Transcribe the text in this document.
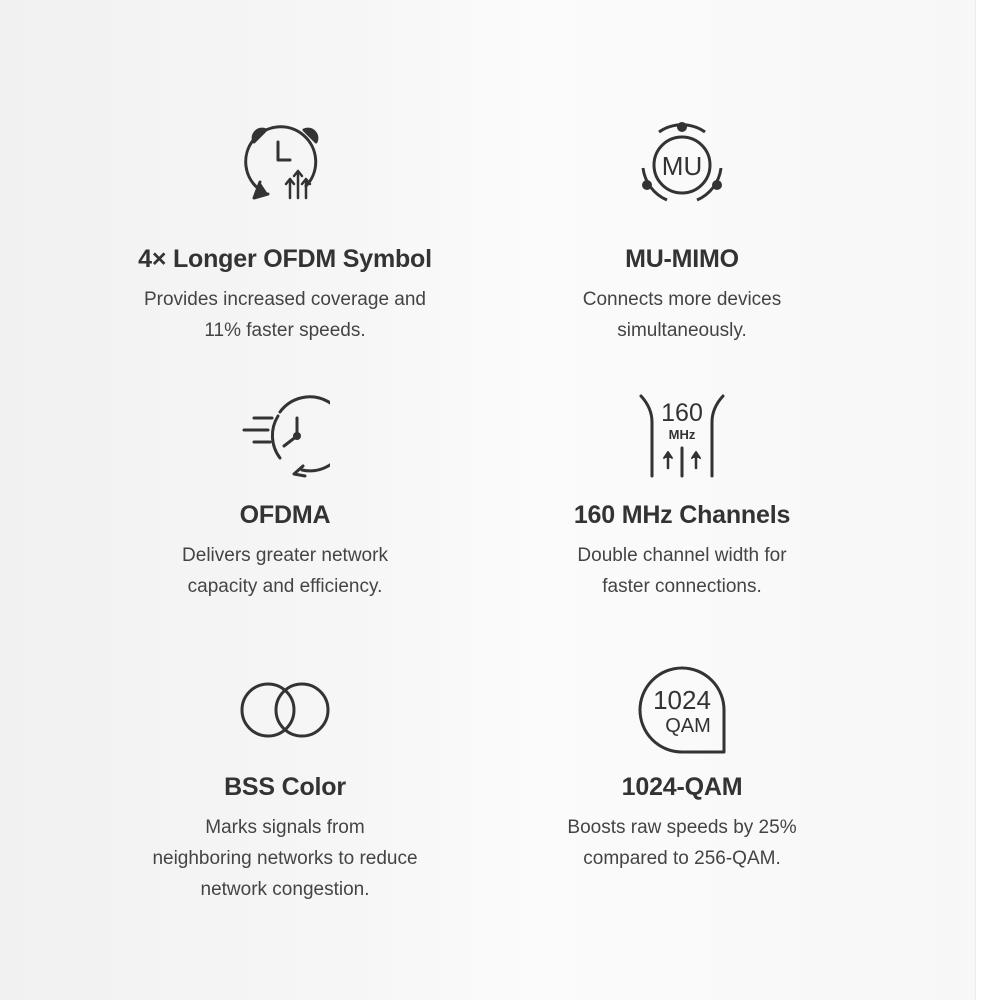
4× Longer OFDM Symbol

Provides increased coverage and
11% faster speeds.

MU
MU-MIMO

Connects more devices
simultaneously.

OFDMA

Delivers greater network
capacity and efficiency.

160
MHz
160 MHz Channels

Double channel width for
faster connections.

BSS Color

Marks signals from
neighboring networks to reduce
network congestion.

1024
QAM
1024-QAM

Boosts raw speeds by 25%
compared to 256-QAM.
